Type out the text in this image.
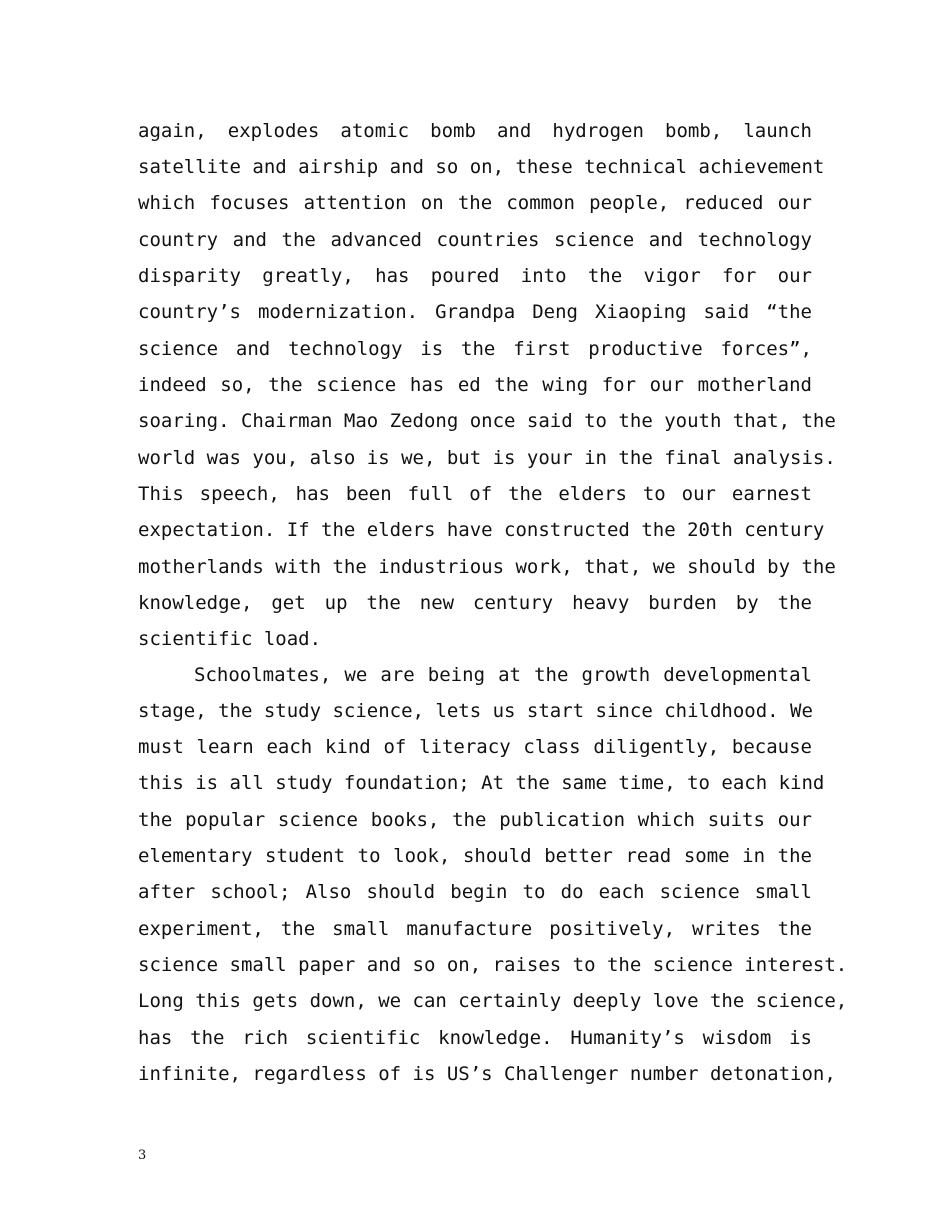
again, explodes atomic bomb and hydrogen bomb, launch
satellite and airship and so on, these technical achievement
which focuses attention on the common people, reduced our
country and the advanced countries science and technology
disparity greatly, has poured into the vigor for our
country’s modernization. Grandpa Deng Xiaoping said “the
science and technology is the first productive forces”,
indeed so, the science has ed the wing for our motherland
soaring. Chairman Mao Zedong once said to the youth that, the
world was you, also is we, but is your in the final analysis.
This speech, has been full of the elders to our earnest
expectation. If the elders have constructed the 20th century
motherlands with the industrious work, that, we should by the
knowledge, get up the new century heavy burden by the
scientific load.
Schoolmates, we are being at the growth developmental
stage, the study science, lets us start since childhood. We
must learn each kind of literacy class diligently, because
this is all study foundation; At the same time, to each kind
the popular science books, the publication which suits our
elementary student to look, should better read some in the
after school; Also should begin to do each science small
experiment, the small manufacture positively, writes the
science small paper and so on, raises to the science interest.
Long this gets down, we can certainly deeply love the science,
has the rich scientific knowledge. Humanity’s wisdom is
infinite, regardless of is US’s Challenger number detonation,
3
